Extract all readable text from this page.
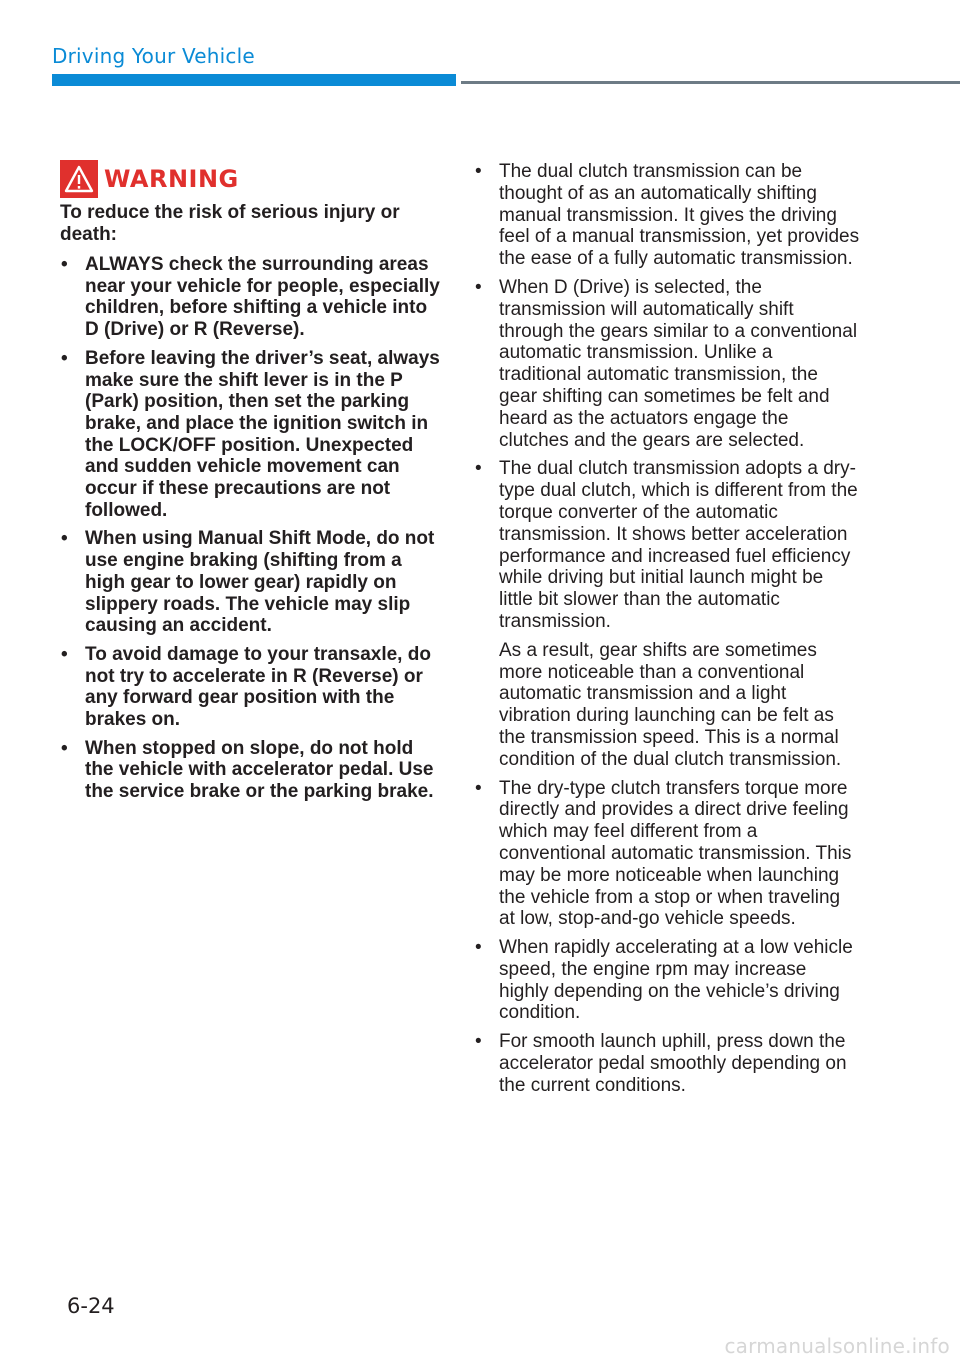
Driving Your Vehicle
WARNING

To reduce the risk of serious injury or death:

• ALWAYS check the surrounding areas near your vehicle for people, especially children, before shifting a vehicle into D (Drive) or R (Reverse).
• Before leaving the driver’s seat, always make sure the shift lever is in the P (Park) position, then set the parking brake, and place the ignition switch in the LOCK/OFF position. Unexpected and sudden vehicle movement can occur if these precautions are not followed.
• When using Manual Shift Mode, do not use engine braking (shifting from a high gear to lower gear) rapidly on slippery roads. The vehicle may slip causing an accident.
• To avoid damage to your transaxle, do not try to accelerate in R (Reverse) or any forward gear position with the brakes on.
• When stopped on slope, do not hold the vehicle with accelerator pedal. Use the service brake or the parking brake.

• The dual clutch transmission can be thought of as an automatically shifting manual transmission. It gives the driving feel of a manual transmission, yet provides the ease of a fully automatic transmission.

• When D (Drive) is selected, the transmission will automatically shift through the gears similar to a conventional automatic transmission. Unlike a traditional automatic transmission, the gear shifting can sometimes be felt and heard as the actuators engage the clutches and the gears are selected.

• The dual clutch transmission adopts a dry-type dual clutch, which is different from the torque converter of the automatic transmission. It shows better acceleration performance and increased fuel efficiency while driving but initial launch might be little bit slower than the automatic transmission.

As a result, gear shifts are sometimes more noticeable than a conventional automatic transmission and a light vibration during launching can be felt as the transmission speed. This is a normal condition of the dual clutch transmission.

• The dry-type clutch transfers torque more directly and provides a direct drive feeling which may feel different from a conventional automatic transmission. This may be more noticeable when launching the vehicle from a stop or when traveling at low, stop-and-go vehicle speeds.

• When rapidly accelerating at a low vehicle speed, the engine rpm may increase highly depending on the vehicle’s driving condition.

• For smooth launch uphill, press down the accelerator pedal smoothly depending on the current conditions.

6-24
carmanualsonline.info
